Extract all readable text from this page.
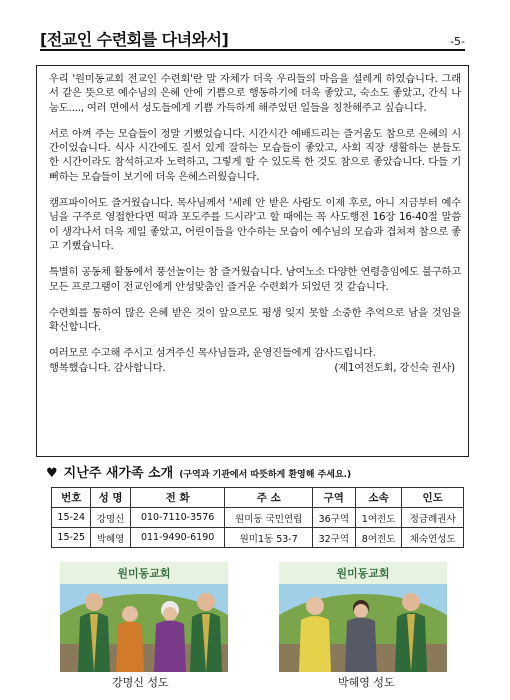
[전교인 수련회를 다녀와서]	-5-

우리 '원미동교회 전교인 수련회'란 말 자체가 더욱 우리들의 마음을 설레게 하였습니다. 그래서 같은 뜻으로 예수님의 은혜 안에 기쁨으로 행동하기에 더욱 좋았고, 숙소도 좋았고, 간식 나눔도...., 여러 면에서 성도들에게 기쁨 가득하게 해주었던 일들을 칭찬해주고 싶습니다.

서로 아껴 주는 모습들이 정말 기뻤었습니다. 시간시간 예배드리는 즐거움도 참으로 은혜의 시간이었습니다. 식사 시간에도 질서 있게 잘하는 모습들이 좋았고, 사회 직장 생활하는 분들도 한 시간이라도 참석하고자 노력하고, 그렇게 할 수 있도록 한 것도 참으로 좋았습니다. 다들 기뻐하는 모습들이 보기에 더욱 은혜스러웠습니다.

캠프파이어도 즐거웠습니다. 목사님께서 '세례 안 받은 사람도 이제 후로, 아니 지금부터 예수님을 구주로 영접한다면 떡과 포도주를 드시라'고 할 때에는 꼭 사도행전 16장 16-40절 말씀이 생각나서 더욱 제일 좋았고, 어린이들을 안수하는 모습이 예수님의 모습과 겹쳐져 참으로 좋고 기뻤습니다.

특별히 공동체 활동에서 풍선놀이는 참 즐거웠습니다. 남여노소 다양한 연령층임에도 불구하고 모든 프로그램이 전교인에게 안성맞춤인 즐거운 수련회가 되었던 것 같습니다.

수련회를 통하여 많은 은혜 받은 것이 앞으로도 평생 잊지 못할 소중한 추억으로 남을 것임을 확신합니다.

여러모로 수고해 주시고 섬겨주신 목사님들과, 운영진들에게 감사드립니다.
행복했습니다. 감사합니다.	(제1여전도회, 강신숙 권사)

♥ 지난주 새가족 소개 (구역과 기관에서 따뜻하게 환영해 주세요.)
번호	성 명	전 화	주 소	구역	소속	인도
15-24	강명신	010-7110-3576	원미동 국민연립	36구역	1여전도	정금례권사
15-25	박혜영	011-9490-6190	원미1동 53-7	32구역	8여전도	채숙연성도
원미동교회
강명신 성도
원미동교회
박혜영 성도
